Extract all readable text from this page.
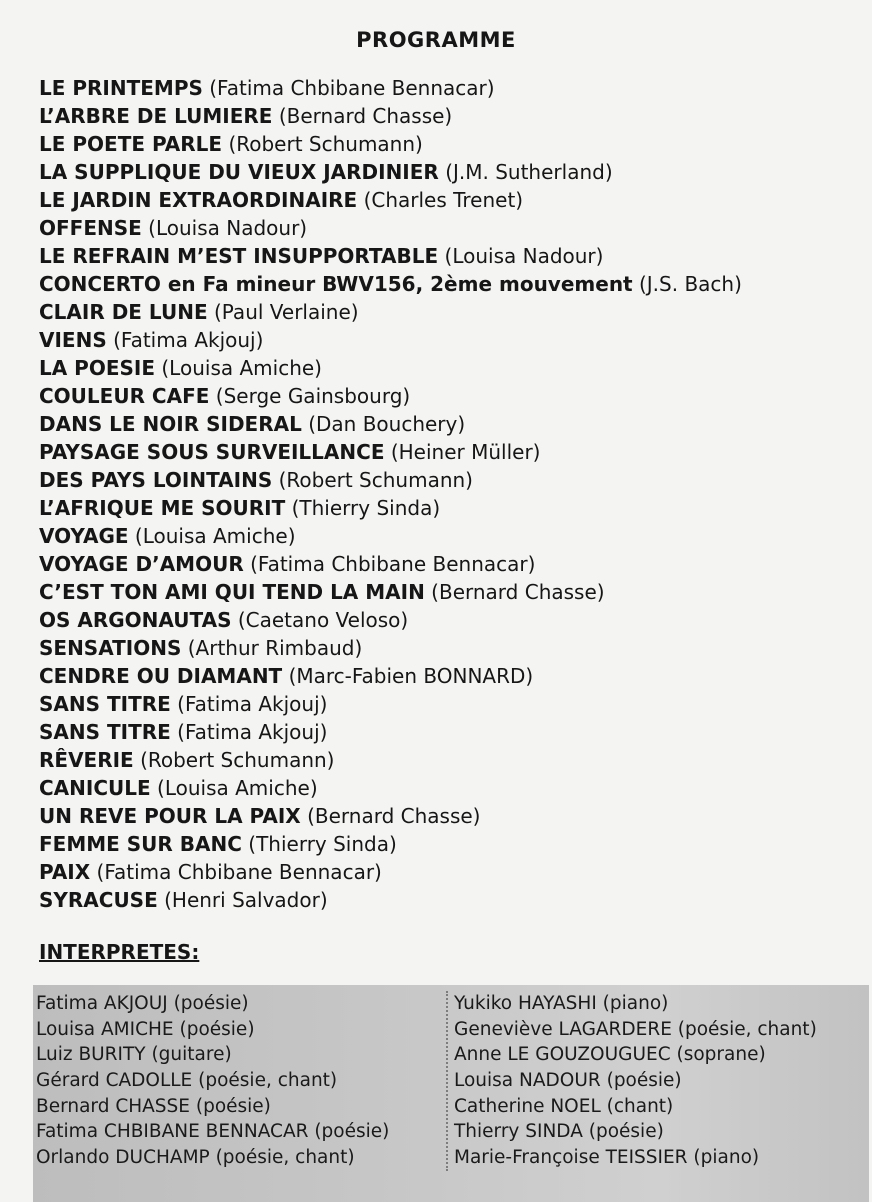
PROGRAMME
LE PRINTEMPS (Fatima Chbibane Bennacar)
L’ARBRE DE LUMIERE (Bernard Chasse)
LE POETE PARLE (Robert Schumann)
LA SUPPLIQUE DU VIEUX JARDINIER (J.M. Sutherland)
LE JARDIN EXTRAORDINAIRE (Charles Trenet)
OFFENSE (Louisa Nadour)
LE REFRAIN M’EST INSUPPORTABLE (Louisa Nadour)
CONCERTO en Fa mineur BWV156, 2ème mouvement (J.S. Bach)
CLAIR DE LUNE (Paul Verlaine)
VIENS (Fatima Akjouj)
LA POESIE (Louisa Amiche)
COULEUR CAFE (Serge Gainsbourg)
DANS LE NOIR SIDERAL (Dan Bouchery)
PAYSAGE SOUS SURVEILLANCE (Heiner Müller)
DES PAYS LOINTAINS (Robert Schumann)
L’AFRIQUE ME SOURIT (Thierry Sinda)
VOYAGE (Louisa Amiche)
VOYAGE D’AMOUR (Fatima Chbibane Bennacar)
C’EST TON AMI QUI TEND LA MAIN (Bernard Chasse)
OS ARGONAUTAS (Caetano Veloso)
SENSATIONS (Arthur Rimbaud)
CENDRE OU DIAMANT (Marc-Fabien BONNARD)
SANS TITRE (Fatima Akjouj)
SANS TITRE (Fatima Akjouj)
RÊVERIE (Robert Schumann)
CANICULE (Louisa Amiche)
UN REVE POUR LA PAIX (Bernard Chasse)
FEMME SUR BANC (Thierry Sinda)
PAIX (Fatima Chbibane Bennacar)
SYRACUSE (Henri Salvador)
INTERPRETES:
Fatima AKJOUJ (poésie)
Louisa AMICHE (poésie)
Luiz BURITY (guitare)
Gérard CADOLLE (poésie, chant)
Bernard CHASSE (poésie)
Fatima CHBIBANE BENNACAR (poésie)
Orlando DUCHAMP (poésie, chant)
Yukiko HAYASHI (piano)
Geneviève LAGARDERE (poésie, chant)
Anne LE GOUZOUGUEC (soprane)
Louisa NADOUR (poésie)
Catherine NOEL (chant)
Thierry SINDA (poésie)
Marie-Françoise TEISSIER (piano)
